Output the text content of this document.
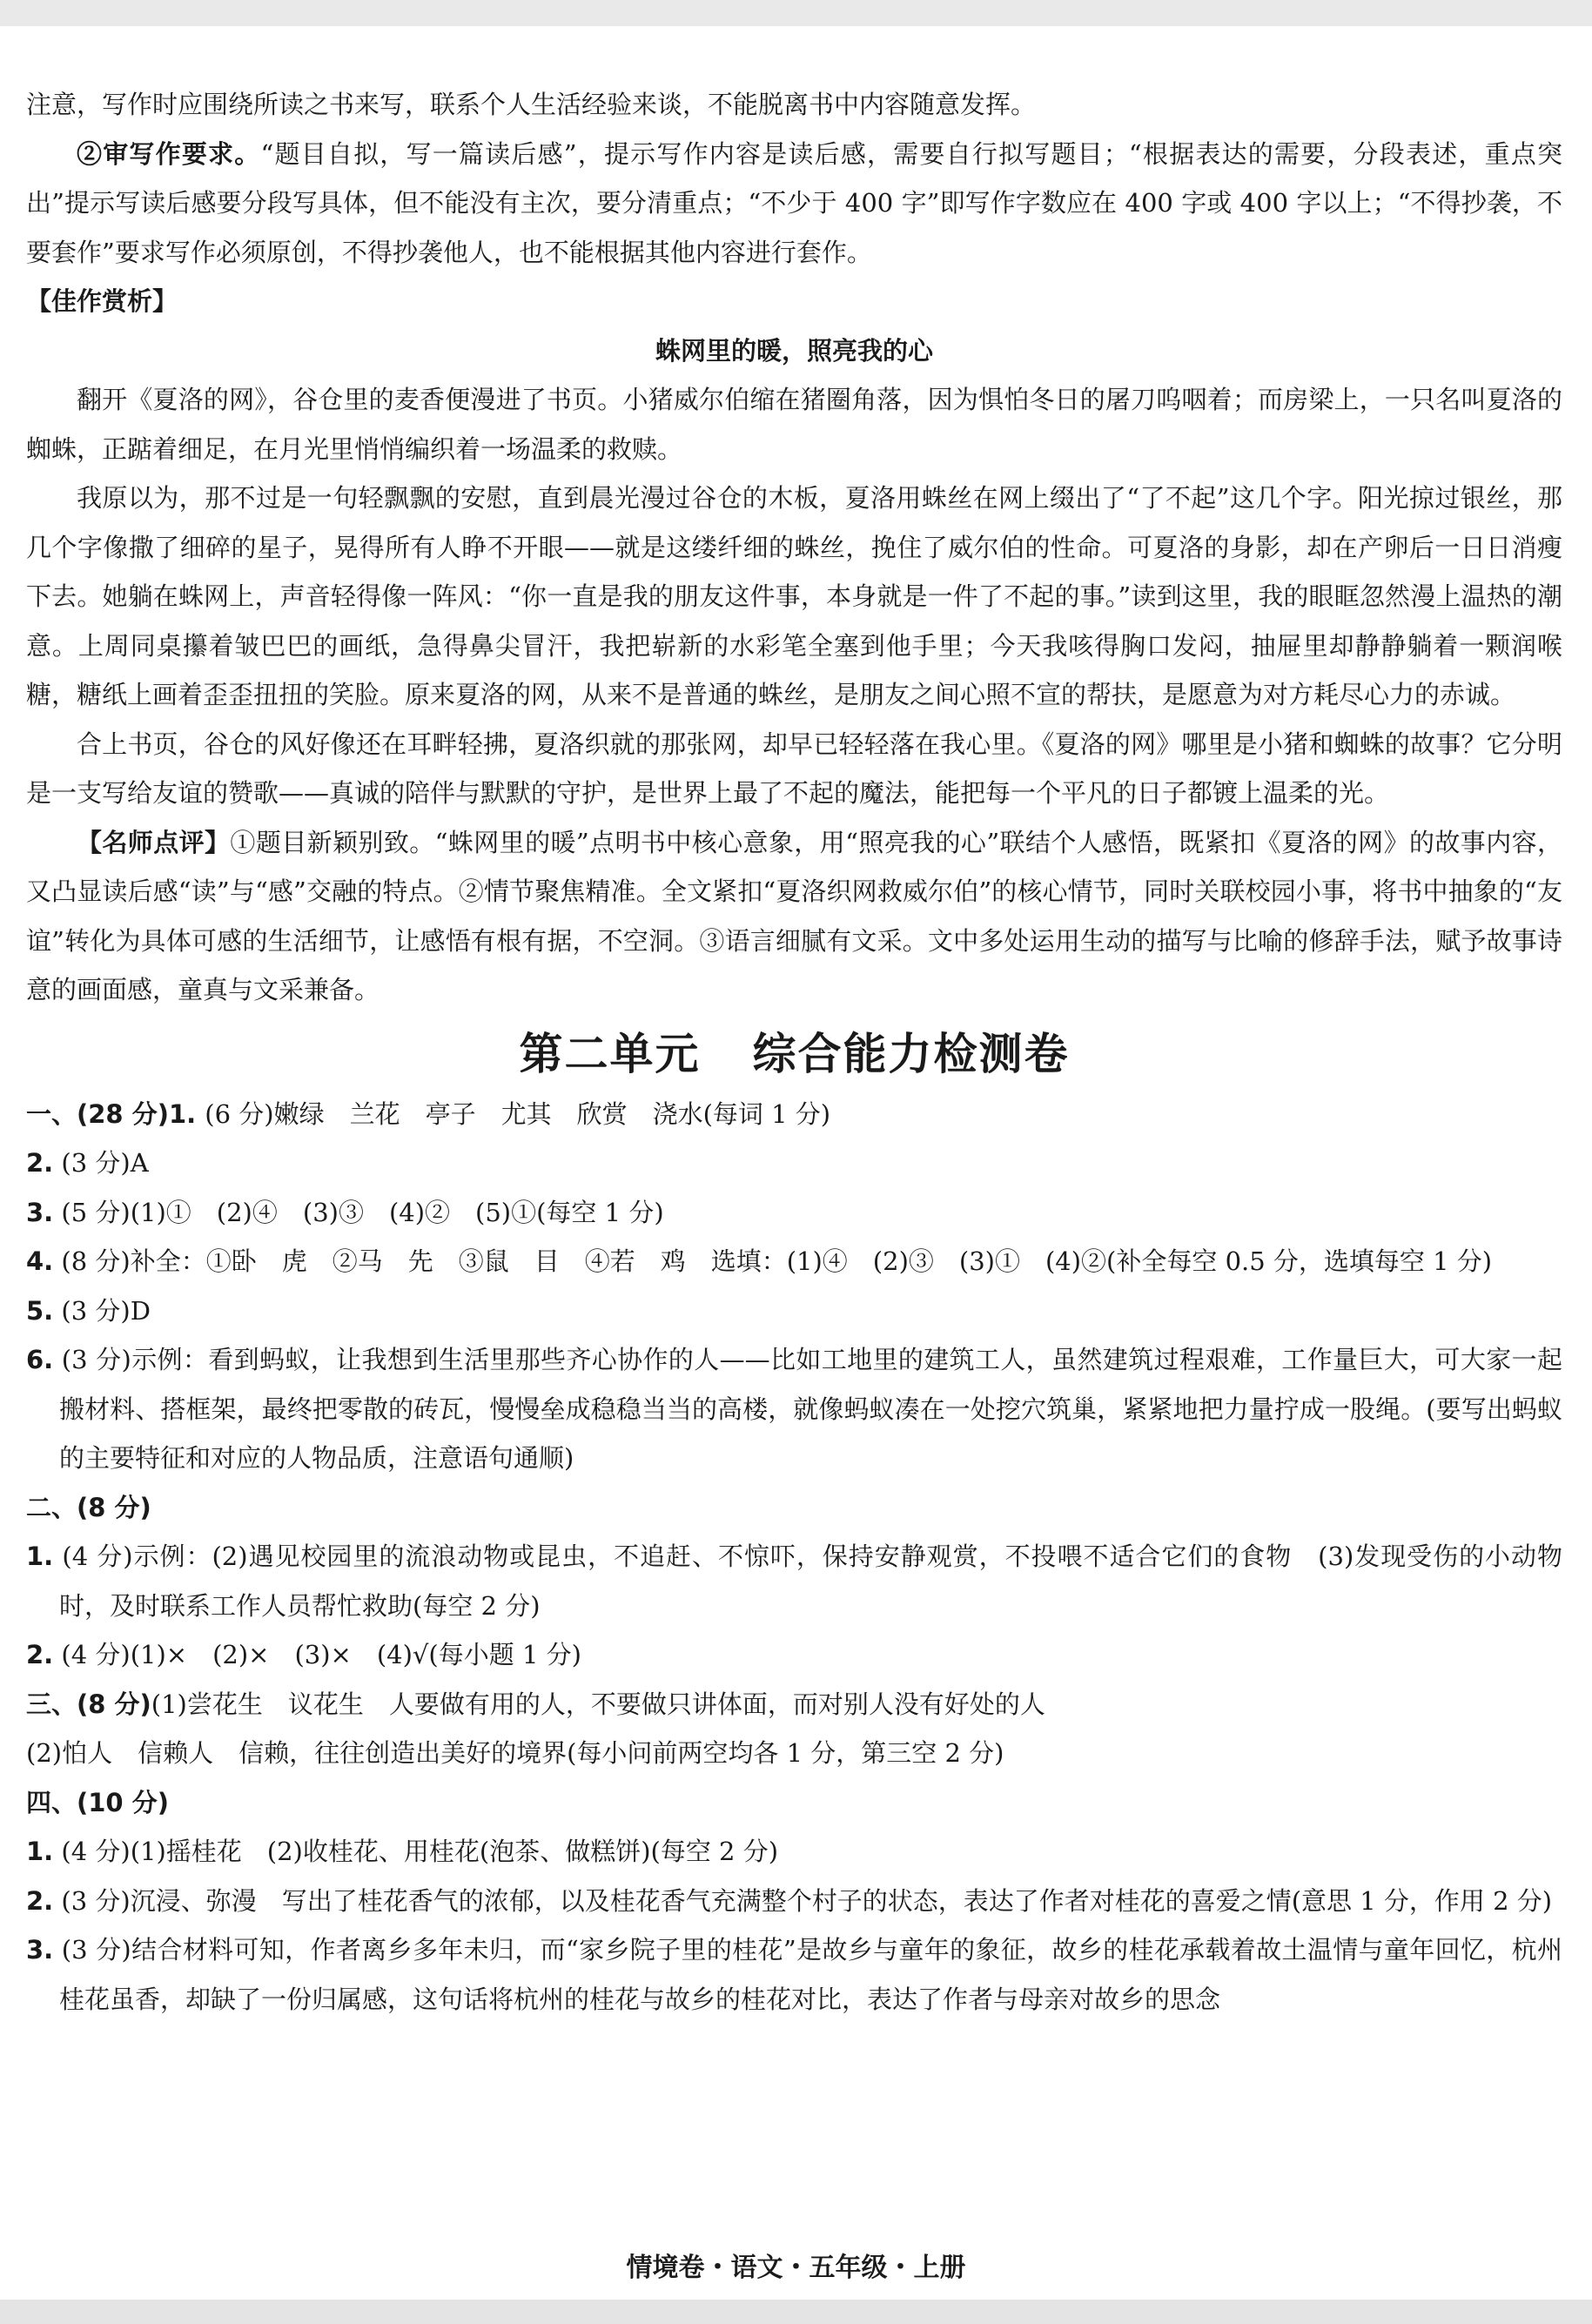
注意，写作时应围绕所读之书来写，联系个人生活经验来谈，不能脱离书中内容随意发挥。

②审写作要求。“题目自拟，写一篇读后感”，提示写作内容是读后感，需要自行拟写题目；“根据表达的需要，分段表述，重点突出”提示写读后感要分段写具体，但不能没有主次，要分清重点；“不少于 400 字”即写作字数应在 400 字或 400 字以上；“不得抄袭，不要套作”要求写作必须原创，不得抄袭他人，也不能根据其他内容进行套作。

【佳作赏析】

蛛网里的暖，照亮我的心

翻开《夏洛的网》，谷仓里的麦香便漫进了书页。小猪威尔伯缩在猪圈角落，因为惧怕冬日的屠刀呜咽着；而房梁上，一只名叫夏洛的蜘蛛，正踮着细足，在月光里悄悄编织着一场温柔的救赎。

我原以为，那不过是一句轻飘飘的安慰，直到晨光漫过谷仓的木板，夏洛用蛛丝在网上缀出了“了不起”这几个字。阳光掠过银丝，那几个字像撒了细碎的星子，晃得所有人睁不开眼——就是这缕纤细的蛛丝，挽住了威尔伯的性命。可夏洛的身影，却在产卵后一日日消瘦下去。她躺在蛛网上，声音轻得像一阵风：“你一直是我的朋友这件事，本身就是一件了不起的事。”读到这里，我的眼眶忽然漫上温热的潮意。上周同桌攥着皱巴巴的画纸，急得鼻尖冒汗，我把崭新的水彩笔全塞到他手里；今天我咳得胸口发闷，抽屉里却静静躺着一颗润喉糖，糖纸上画着歪歪扭扭的笑脸。原来夏洛的网，从来不是普通的蛛丝，是朋友之间心照不宣的帮扶，是愿意为对方耗尽心力的赤诚。

合上书页，谷仓的风好像还在耳畔轻拂，夏洛织就的那张网，却早已轻轻落在我心里。《夏洛的网》哪里是小猪和蜘蛛的故事？它分明是一支写给友谊的赞歌——真诚的陪伴与默默的守护，是世界上最了不起的魔法，能把每一个平凡的日子都镀上温柔的光。

【名师点评】①题目新颖别致。“蛛网里的暖”点明书中核心意象，用“照亮我的心”联结个人感悟，既紧扣《夏洛的网》的故事内容，又凸显读后感“读”与“感”交融的特点。②情节聚焦精准。全文紧扣“夏洛织网救威尔伯”的核心情节，同时关联校园小事，将书中抽象的“友谊”转化为具体可感的生活细节，让感悟有根有据，不空洞。③语言细腻有文采。文中多处运用生动的描写与比喻的修辞手法，赋予故事诗意的画面感，童真与文采兼备。

第二单元 综合能力检测卷

一、(28 分)1. (6 分)嫩绿　兰花　亭子　尤其　欣赏　浇水(每词 1 分)

2. (3 分)A

3. (5 分)(1)①　(2)④　(3)③　(4)②　(5)①(每空 1 分)

4. (8 分)补全：①卧　虎　②马　先　③鼠　目　④若　鸡　选填：(1)④　(2)③　(3)①　(4)②(补全每空 0.5 分，选填每空 1 分)

5. (3 分)D

6. (3 分)示例：看到蚂蚁，让我想到生活里那些齐心协作的人——比如工地里的建筑工人，虽然建筑过程艰难，工作量巨大，可大家一起搬材料、搭框架，最终把零散的砖瓦，慢慢垒成稳稳当当的高楼，就像蚂蚁凑在一处挖穴筑巢，紧紧地把力量拧成一股绳。(要写出蚂蚁的主要特征和对应的人物品质，注意语句通顺)

二、(8 分)

1. (4 分)示例：(2)遇见校园里的流浪动物或昆虫，不追赶、不惊吓，保持安静观赏，不投喂不适合它们的食物　(3)发现受伤的小动物时，及时联系工作人员帮忙救助(每空 2 分)

2. (4 分)(1)×　(2)×　(3)×　(4)√(每小题 1 分)

三、(8 分)(1)尝花生　议花生　人要做有用的人，不要做只讲体面，而对别人没有好处的人

(2)怕人　信赖人　信赖，往往创造出美好的境界(每小问前两空均各 1 分，第三空 2 分)

四、(10 分)

1. (4 分)(1)摇桂花　(2)收桂花、用桂花(泡茶、做糕饼)(每空 2 分)

2. (3 分)沉浸、弥漫　写出了桂花香气的浓郁，以及桂花香气充满整个村子的状态，表达了作者对桂花的喜爱之情(意思 1 分，作用 2 分)

3. (3 分)结合材料可知，作者离乡多年未归，而“家乡院子里的桂花”是故乡与童年的象征，故乡的桂花承载着故土温情与童年回忆，杭州桂花虽香，却缺了一份归属感，这句话将杭州的桂花与故乡的桂花对比，表达了作者与母亲对故乡的思念

情境卷・语文・五年级・上册
